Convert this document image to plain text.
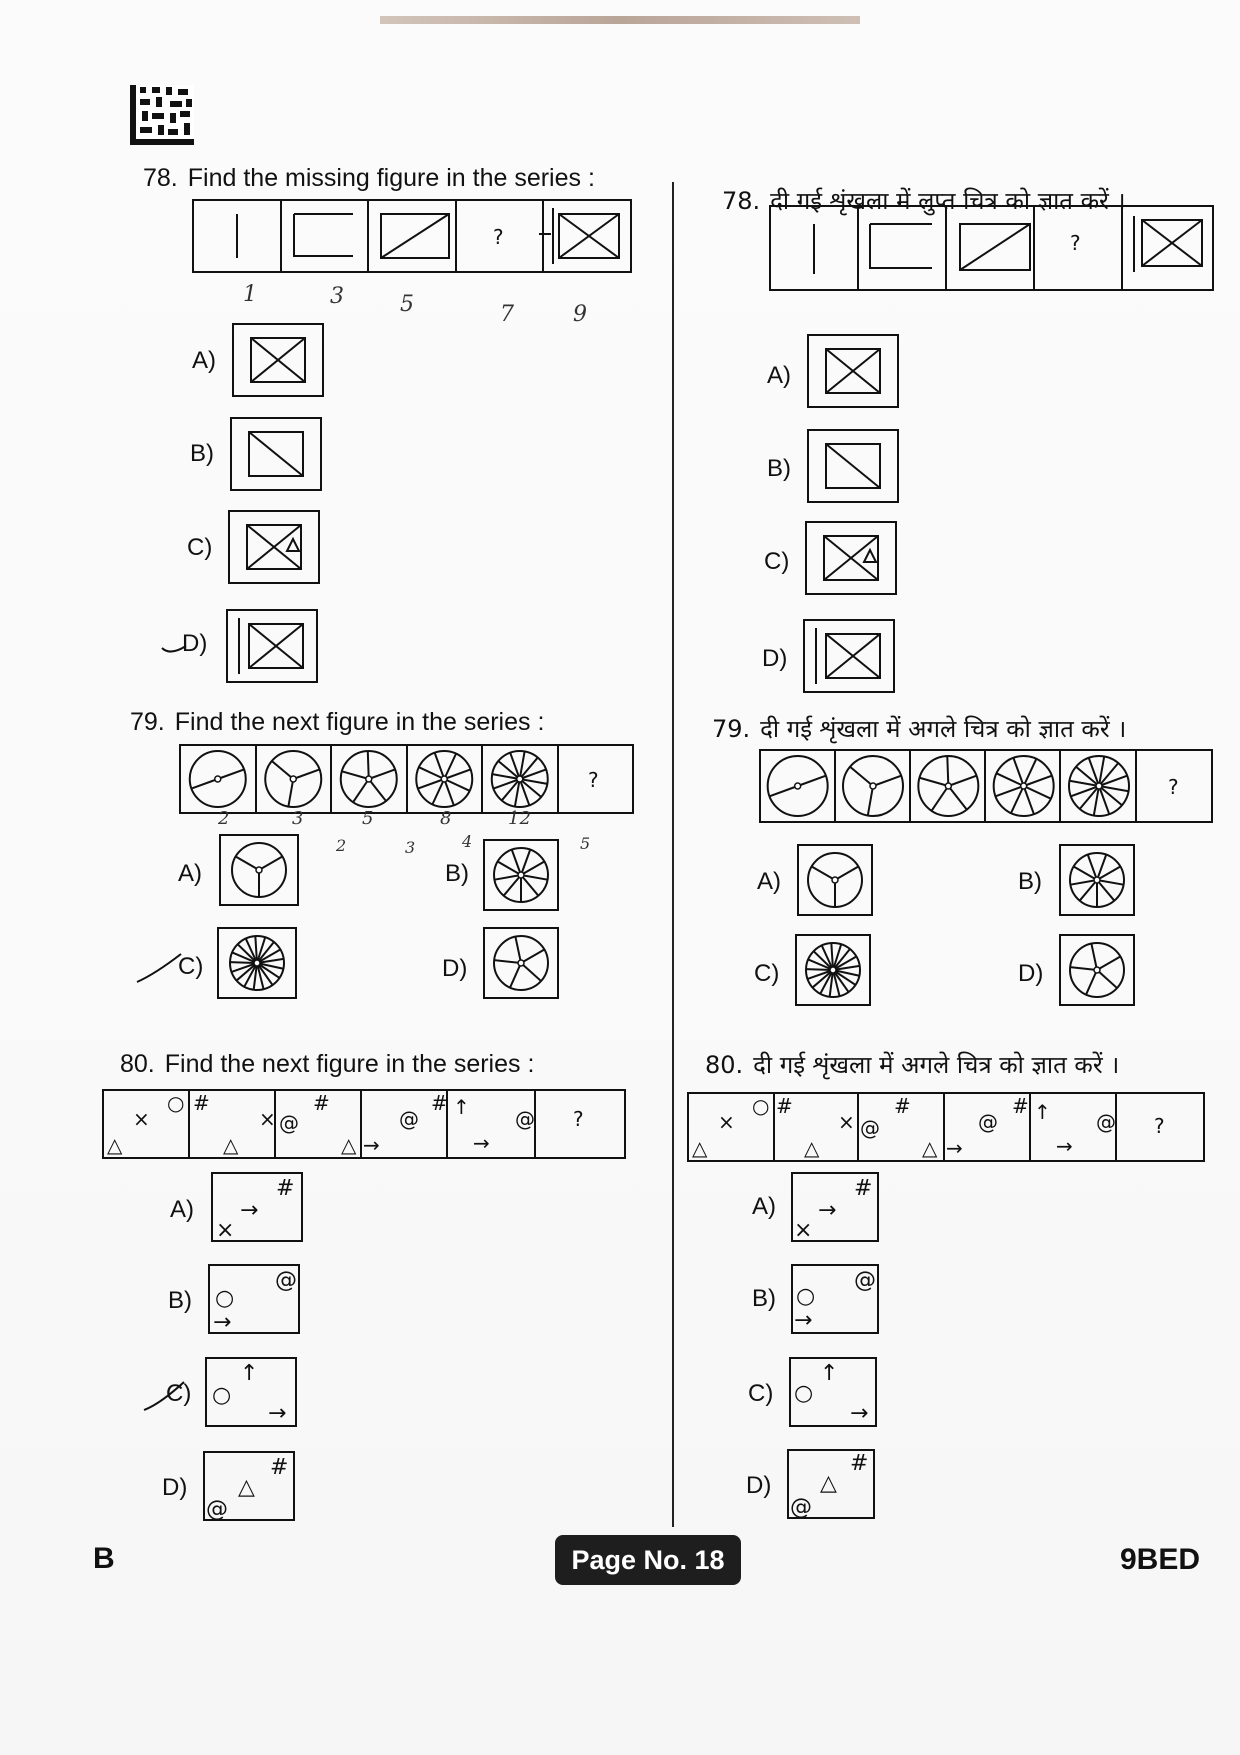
78. Find the missing figure in the series :
?
1	3	5	7	9
A)
B)
C)
D)
79. Find the next figure in the series :
?
2	3	5	8	12
2	3	4	5
A)	B)
C)	D)
80. Find the next figure in the series :
△
×
○ #
△
× @
#
△ →
@
# ↑
→
@ ?
A)
#
→
×
B)
@
○
→
C)
↑
○
→
D)
#
△
@
78. दी गई शृंखला में लुप्त चित्र को ज्ञात करें ।
?
A)
B)
C)
D)
79. दी गई शृंखला में अगले चित्र को ज्ञात करें ।
?
A)	B)
C)	D)
80. दी गई शृंखला में अगले चित्र को ज्ञात करें ।
△
×
○ #
△
× @
#
△ →
@
# ↑
→
@ ?
A)
#
→
×
B)
@
○
→
C)
↑
○
→
D)
#
△
@
B	Page No. 18	9BED
